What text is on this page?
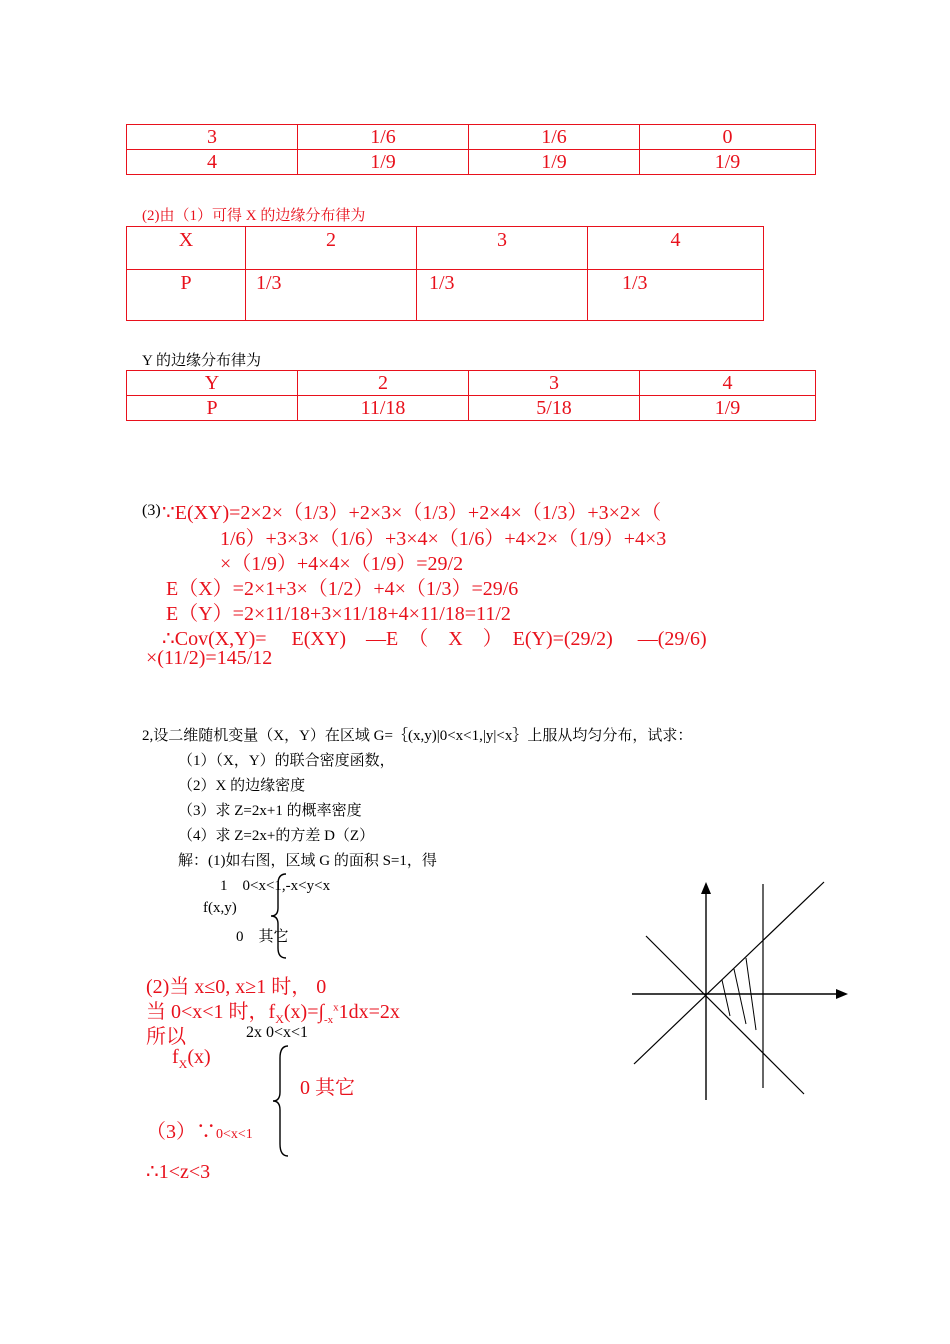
3	1/6	1/6	0
4	1/9	1/9	1/9
(2)由（1）可得 X 的边缘分布律为
X	2	3	4
P	1/3	1/3	1/3
Y 的边缘分布律为
Y	2	3	4
P	11/18	5/18	1/9
(3) ∵E(XY)=2×2×（1/3）+2×3×（1/3）+2×4×（1/3）+3×2×（
1/6）+3×3×（1/6）+3×4×（1/6）+4×2×（1/9）+4×3
×（1/9）+4×4×（1/9）=29/2
E（X）=2×1+3×（1/2）+4×（1/3）=29/6
E（Y）=2×11/18+3×11/18+4×11/18=11/2
∴Cov(X,Y)=　 E(XY)　—E　（　X　）　E(Y)=(29/2)　 —(29/6)
×(11/2)=145/12
2,设二维随机变量（X，Y）在区域 G=｛(x,y)|0<x<1,|y|<x｝上服从均匀分布，试求：
（1）（X，Y）的联合密度函数，
（2）X 的边缘密度
（3）求 Z=2x+1 的概率密度
（4）求 Z=2x+的方差 D（Z）
解：(1)如右图，区域 G 的面积 S=1，得
1　0<x<1,-x<y<x
f(x,y)
0　其它
(2)当 x≤0, x≥1 时， 0
当 0<x<1 时，$f_X(x)=\int_{-x}^x1dx=2x$
所以	2x 0<x<1
$f_X(x)$
0 其它
（3）∵0<x<1
∴1<z<3
